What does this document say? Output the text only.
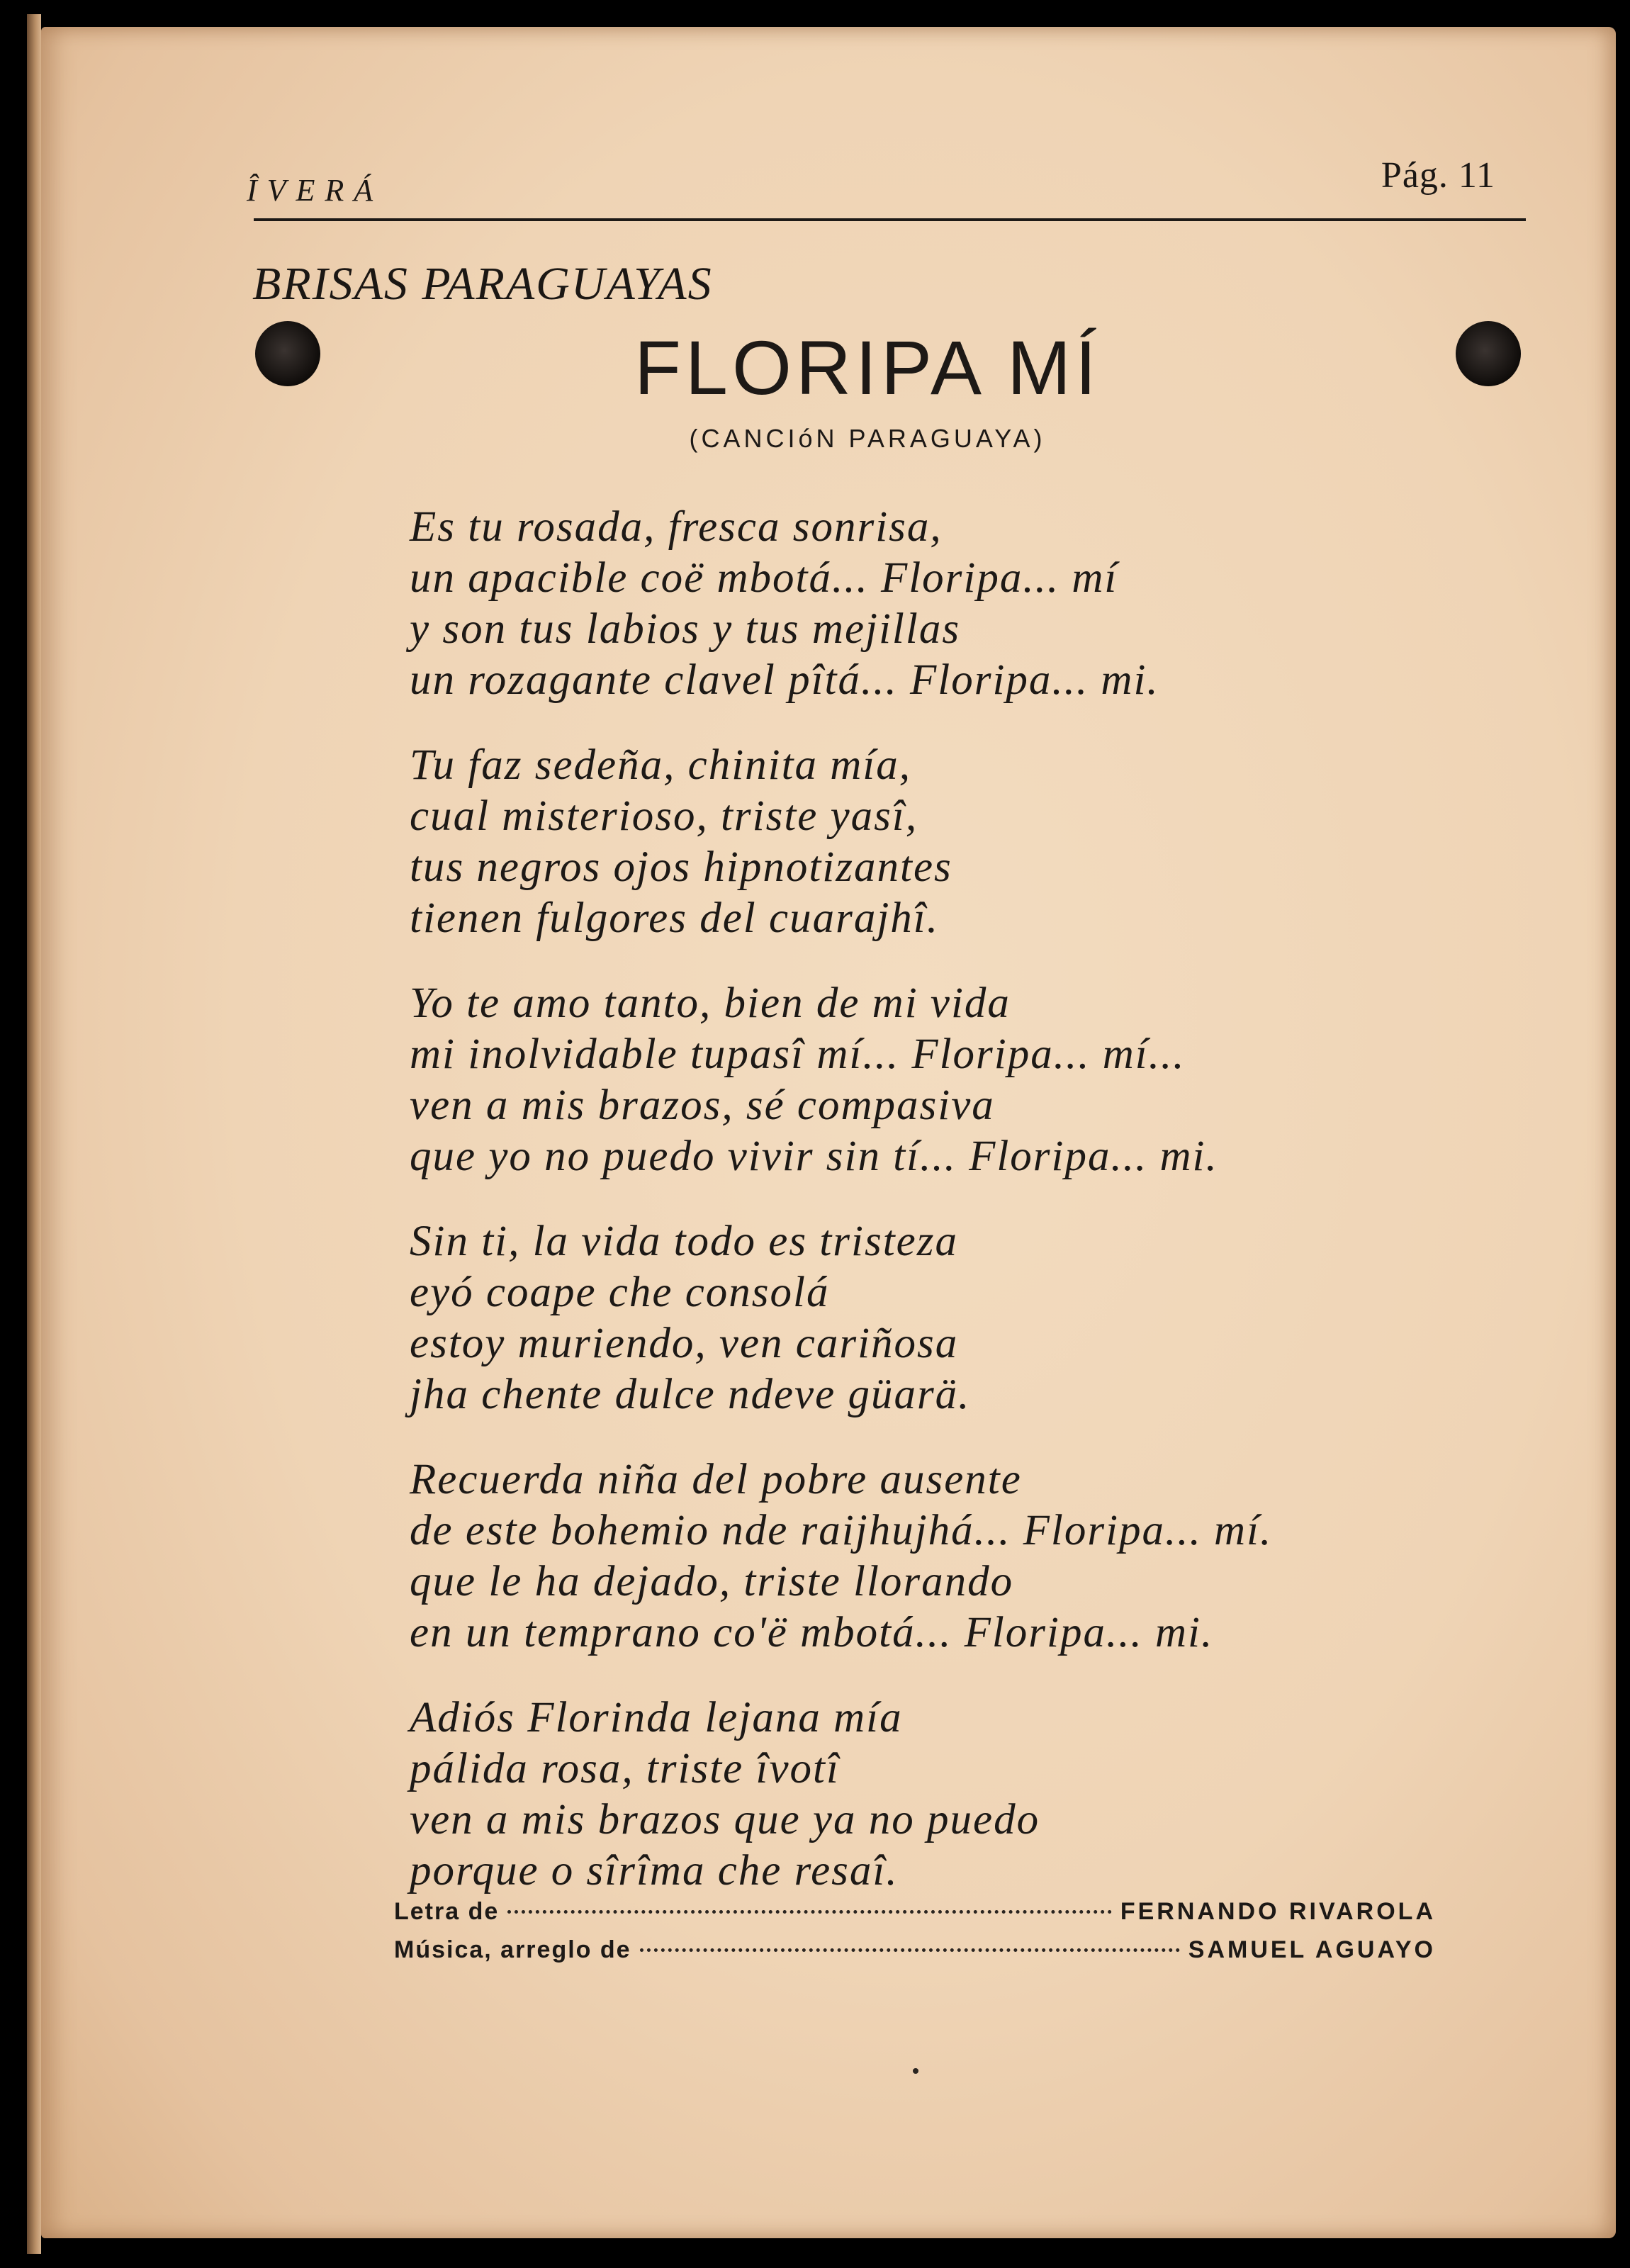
ÎVERÁ	Pág. 11
BRISAS PARAGUAYAS
FLORIPA MÍ
(CANCIóN PARAGUAYA)
Es tu rosada, fresca sonrisa,
un apacible coë mbotá... Floripa... mí
y son tus labios y tus mejillas
un rozagante clavel pîtá... Floripa... mi.
Tu faz sedeña, chinita mía,
cual misterioso, triste yasî,
tus negros ojos hipnotizantes
tienen fulgores del cuarajhî.
Yo te amo tanto, bien de mi vida
mi inolvidable tupasî mí... Floripa... mí...
ven a mis brazos, sé compasiva
que yo no puedo vivir sin tí... Floripa... mi.
Sin ti, la vida todo es tristeza
eyó coape che consolá
estoy muriendo, ven cariñosa
jha chente dulce ndeve güarä.
Recuerda niña del pobre ausente
de este bohemio nde raijhujhá... Floripa... mí.
que le ha dejado, triste llorando
en un temprano co'ë mbotá... Floripa... mi.
Adiós Florinda lejana mía
pálida rosa, triste îvotî
ven a mis brazos que ya no puedo
porque o sîrîma che resaî.
Letra de	FERNANDO RIVAROLA
Música, arreglo de	SAMUEL AGUAYO
